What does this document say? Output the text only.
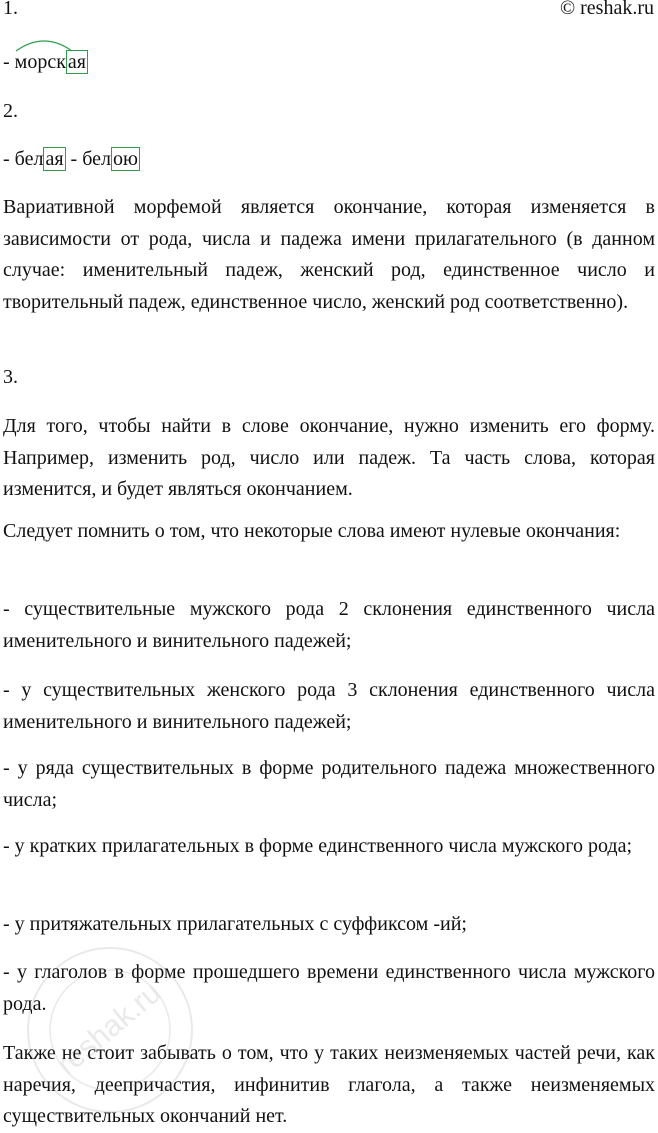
© reshak.ru
1.
-
морск ая
2.
- бел ая - бел ою
Вариативной морфемой является окончание, которая изменяется в зависимости от рода, числа и падежа имени прилагательного (в данном случае: именительный падеж, женский род, единственное число и творительный падеж, единственное число, женский род соответственно).
3.
Для того, чтобы найти в слове окончание, нужно изменить его форму. Например, изменить род, число или падеж. Та часть слова, которая изменится, и будет являться окончанием.
Следует помнить о том, что некоторые слова имеют нулевые окончания:
- существительные мужского рода 2 склонения единственного числа именительного и винительного падежей;
- у существительных женского рода 3 склонения единственного числа именительного и винительного падежей;
- у ряда существительных в форме родительного падежа множественного числа;
- у кратких прилагательных в форме единственного числа мужского рода;
- у притяжательных прилагательных с суффиксом -ий;
- у глаголов в форме прошедшего времени единственного числа мужского рода.
Также не стоит забывать о том, что у таких неизменяемых частей речи, как наречия, деепричастия, инфинитив глагола, а также неизменяемых существительных окончаний нет.
reshak.ru
